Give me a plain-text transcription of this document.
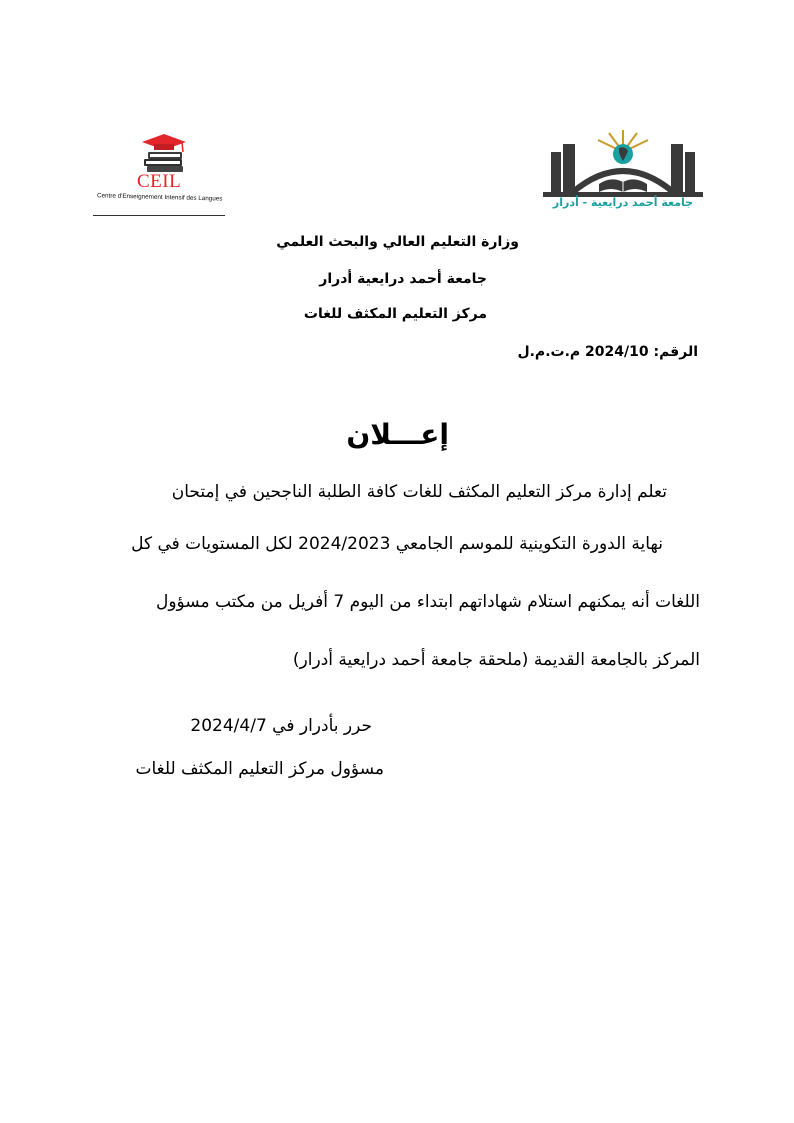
CEIL
Centre d'Enseignement Intensif des Langues	جامعة أحمد درايعية - أدرار
وزارة التعليم العالي والبحث العلمي
جامعة أحمد درايعية أدرار
مركز التعليم المكثف للغات
الرقم: 2024/10 م.ت.م.ل
إعـــلان
تعلم إدارة مركز التعليم المكثف للغات كافة الطلبة الناجحين في إمتحان
نهاية الدورة التكوينية للموسم الجامعي 2024/2023 لكل المستويات في كل
اللغات أنه يمكنهم استلام شهاداتهم ابتداء من اليوم 7 أفريل من مكتب مسؤول
المركز بالجامعة القديمة (ملحقة جامعة أحمد درايعية أدرار)
حرر بأدرار في 2024/4/7
مسؤول مركز التعليم المكثف للغات
